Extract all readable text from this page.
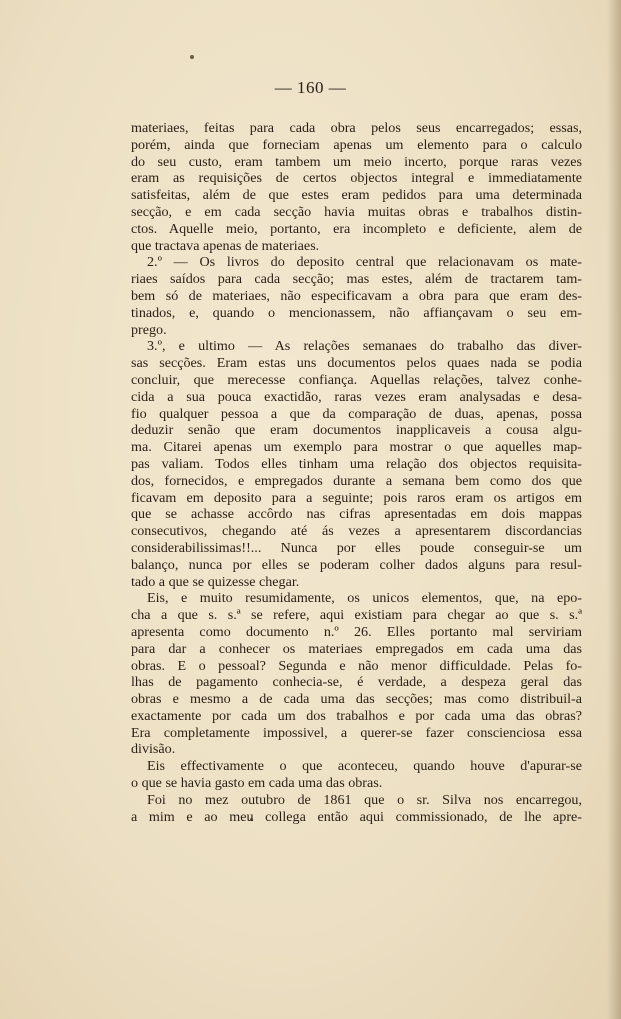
— 160 —
materiaes, feitas para cada obra pelos seus encarregados; essas,
porém, ainda que forneciam apenas um elemento para o calculo
do seu custo, eram tambem um meio incerto, porque raras vezes
eram as requisições de certos objectos integral e immediatamente
satisfeitas, além de que estes eram pedidos para uma determinada
secção, e em cada secção havia muitas obras e trabalhos distin-
ctos. Aquelle meio, portanto, era incompleto e deficiente, alem de
que tractava apenas de materiaes.
2.º — Os livros do deposito central que relacionavam os mate-
riaes saídos para cada secção; mas estes, além de tractarem tam-
bem só de materiaes, não especificavam a obra para que eram des-
tinados, e, quando o mencionassem, não affiançavam o seu em-
prego.
3.º, e ultimo — As relações semanaes do trabalho das diver-
sas secções. Eram estas uns documentos pelos quaes nada se podia
concluir, que merecesse confiança. Aquellas relações, talvez conhe-
cida a sua pouca exactidão, raras vezes eram analysadas e desa-
fio qualquer pessoa a que da comparação de duas, apenas, possa
deduzir senão que eram documentos inapplicaveis a cousa algu-
ma. Citarei apenas um exemplo para mostrar o que aquelles map-
pas valiam. Todos elles tinham uma relação dos objectos requisita-
dos, fornecidos, e empregados durante a semana bem como dos que
ficavam em deposito para a seguinte; pois raros eram os artigos em
que se achasse accôrdo nas cifras apresentadas em dois mappas
consecutivos, chegando até ás vezes a apresentarem discordancias
considerabilissimas!!... Nunca por elles poude conseguir-se um
balanço, nunca por elles se poderam colher dados alguns para resul-
tado a que se quizesse chegar.
Eis, e muito resumidamente, os unicos elementos, que, na epo-
cha a que s. s.ª se refere, aqui existiam para chegar ao que s. s.ª
apresenta como documento n.º 26. Elles portanto mal serviriam
para dar a conhecer os materiaes empregados em cada uma das
obras. E o pessoal? Segunda e não menor difficuldade. Pelas fo-
lhas de pagamento conhecia-se, é verdade, a despeza geral das
obras e mesmo a de cada uma das secções; mas como distribuil-a
exactamente por cada um dos trabalhos e por cada uma das obras?
Era completamente impossivel, a querer-se fazer conscienciosa essa
divisão.
Eis effectivamente o que aconteceu, quando houve d'apurar-se
o que se havia gasto em cada uma das obras.
Foi no mez outubro de 1861 que o sr. Silva nos encarregou,
a mim e ao meu collega então aqui commissionado, de lhe apre-
